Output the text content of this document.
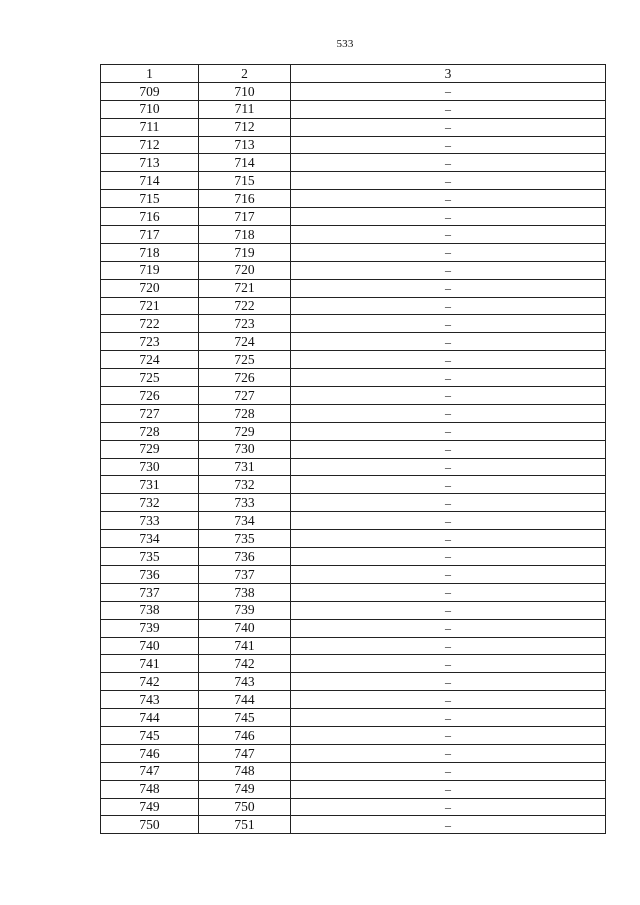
533
1	2	3
709	710	–
710	711	–
711	712	–
712	713	–
713	714	–
714	715	–
715	716	–
716	717	–
717	718	–
718	719	–
719	720	–
720	721	–
721	722	–
722	723	–
723	724	–
724	725	–
725	726	–
726	727	–
727	728	–
728	729	–
729	730	–
730	731	–
731	732	–
732	733	–
733	734	–
734	735	–
735	736	–
736	737	–
737	738	–
738	739	–
739	740	–
740	741	–
741	742	–
742	743	–
743	744	–
744	745	–
745	746	–
746	747	–
747	748	–
748	749	–
749	750	–
750	751	–
